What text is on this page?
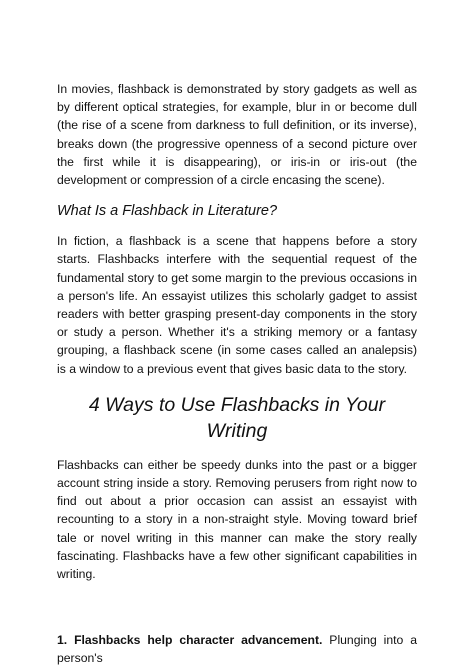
In movies, flashback is demonstrated by story gadgets as well as by different optical strategies, for example, blur in or become dull (the rise of a scene from darkness to full definition, or its inverse), breaks down (the progressive openness of a second picture over the first while it is disappearing), or iris-in or iris-out (the development or compression of a circle encasing the scene).

What Is a Flashback in Literature?

In fiction, a flashback is a scene that happens before a story starts. Flashbacks interfere with the sequential request of the fundamental story to get some margin to the previous occasions in a person's life. An essayist utilizes this scholarly gadget to assist readers with better grasping present-day components in the story or study a person. Whether it's a striking memory or a fantasy grouping, a flashback scene (in some cases called an analepsis) is a window to a previous event that gives basic data to the story.

4 Ways to Use Flashbacks in Your Writing

Flashbacks can either be speedy dunks into the past or a bigger account string inside a story. Removing perusers from right now to find out about a prior occasion can assist an essayist with recounting to a story in a non-straight style. Moving toward brief tale or novel writing in this manner can make the story really fascinating. Flashbacks have a few other significant capabilities in writing.

1. Flashbacks help character advancement. Plunging into a person's
